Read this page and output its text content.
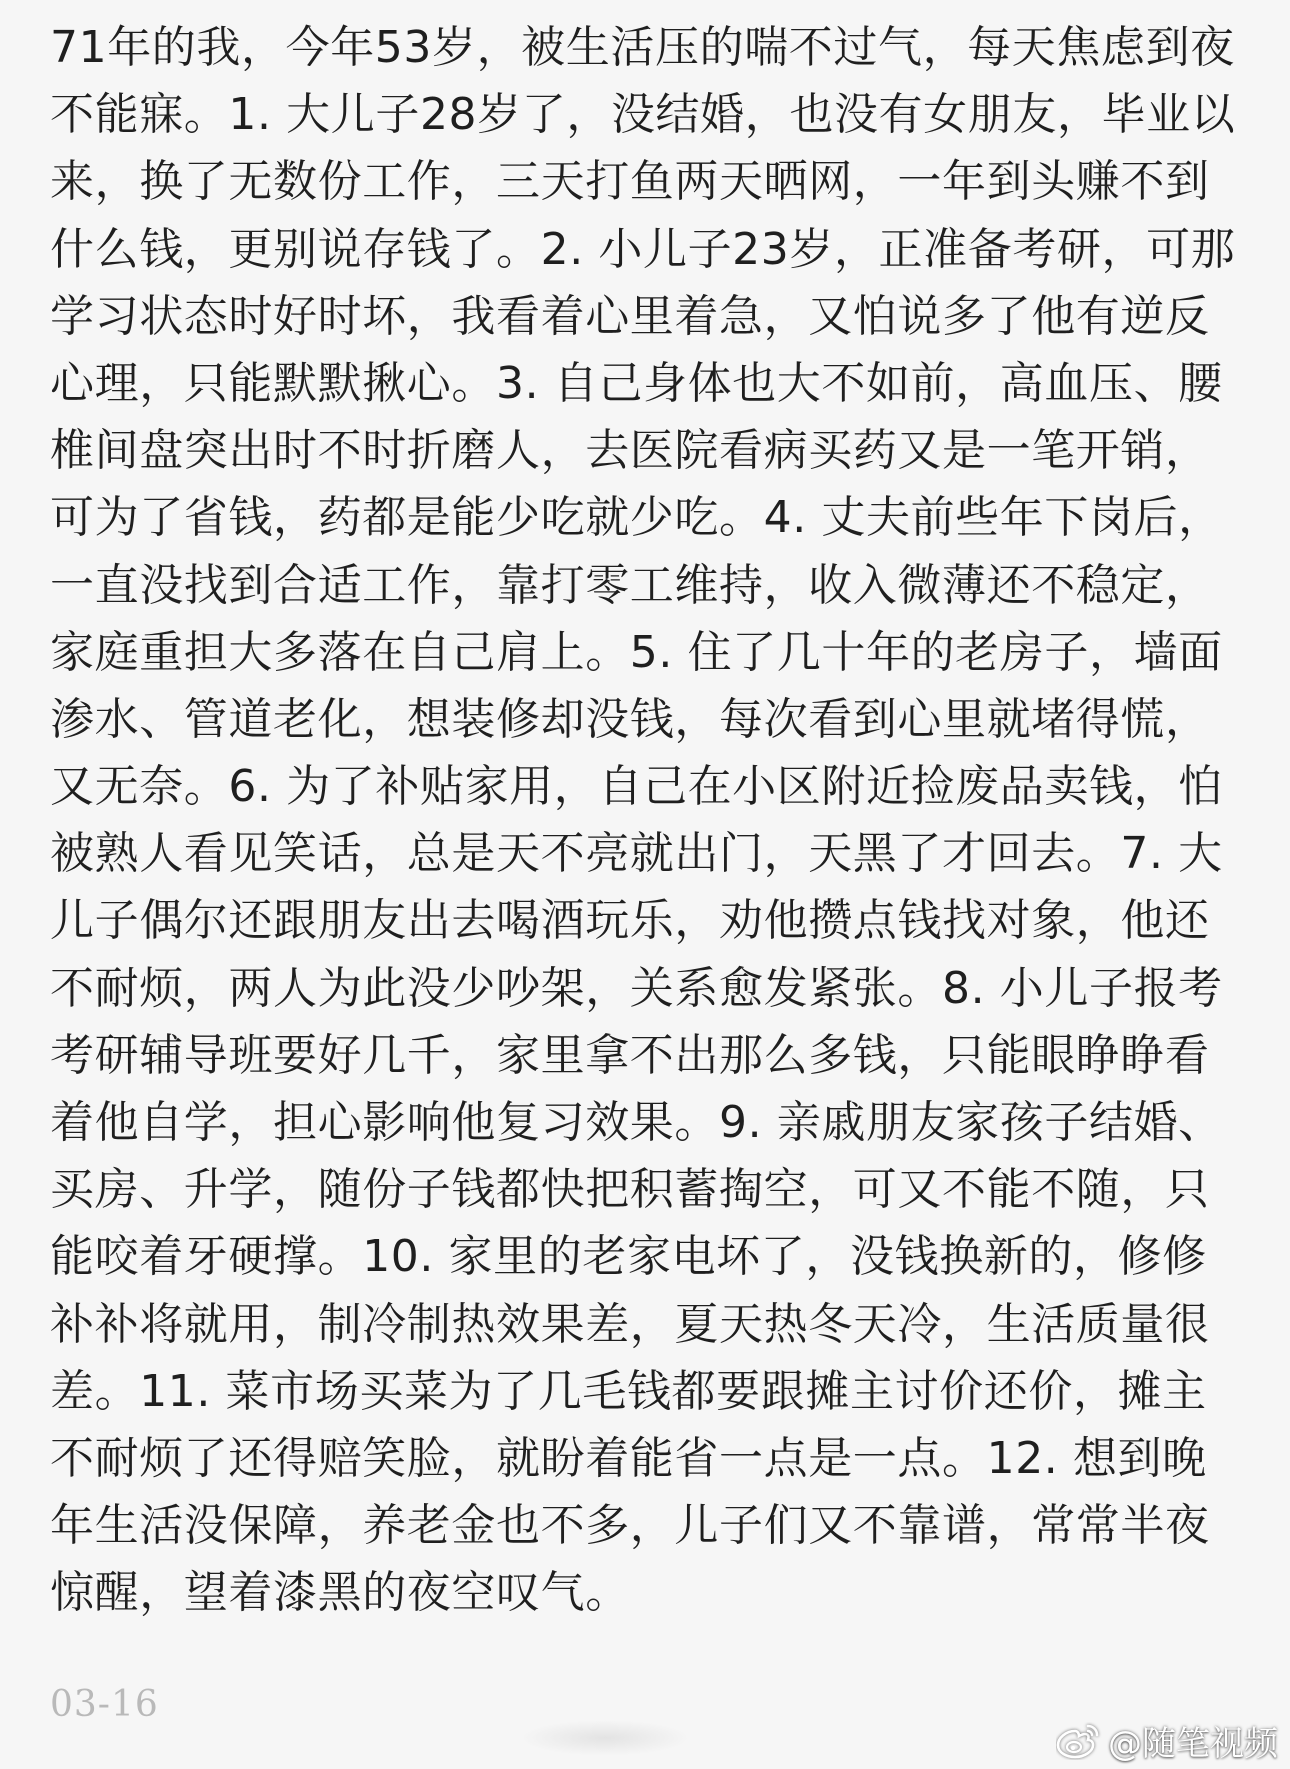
71年的我，今年53岁，被生活压的喘不过气，每天焦虑到夜
不能寐。1. 大儿子28岁了，没结婚，也没有女朋友，毕业以
来，换了无数份工作，三天打鱼两天晒网，一年到头赚不到
什么钱，更别说存钱了。2. 小儿子23岁，正准备考研，可那
学习状态时好时坏，我看着心里着急，又怕说多了他有逆反
心理，只能默默揪心。3. 自己身体也大不如前，高血压、腰
椎间盘突出时不时折磨人，去医院看病买药又是一笔开销，
可为了省钱，药都是能少吃就少吃。4. 丈夫前些年下岗后，
一直没找到合适工作，靠打零工维持，收入微薄还不稳定，
家庭重担大多落在自己肩上。5. 住了几十年的老房子，墙面
渗水、管道老化，想装修却没钱，每次看到心里就堵得慌，
又无奈。6. 为了补贴家用，自己在小区附近捡废品卖钱，怕
被熟人看见笑话，总是天不亮就出门，天黑了才回去。7. 大
儿子偶尔还跟朋友出去喝酒玩乐，劝他攒点钱找对象，他还
不耐烦，两人为此没少吵架，关系愈发紧张。8. 小儿子报考
考研辅导班要好几千，家里拿不出那么多钱，只能眼睁睁看
着他自学，担心影响他复习效果。9. 亲戚朋友家孩子结婚、
买房、升学，随份子钱都快把积蓄掏空，可又不能不随，只
能咬着牙硬撑。10. 家里的老家电坏了，没钱换新的，修修
补补将就用，制冷制热效果差，夏天热冬天冷，生活质量很
差。11. 菜市场买菜为了几毛钱都要跟摊主讨价还价，摊主
不耐烦了还得赔笑脸，就盼着能省一点是一点。12. 想到晚
年生活没保障，养老金也不多，儿子们又不靠谱，常常半夜
惊醒，望着漆黑的夜空叹气。
03-16
@随笔视频
